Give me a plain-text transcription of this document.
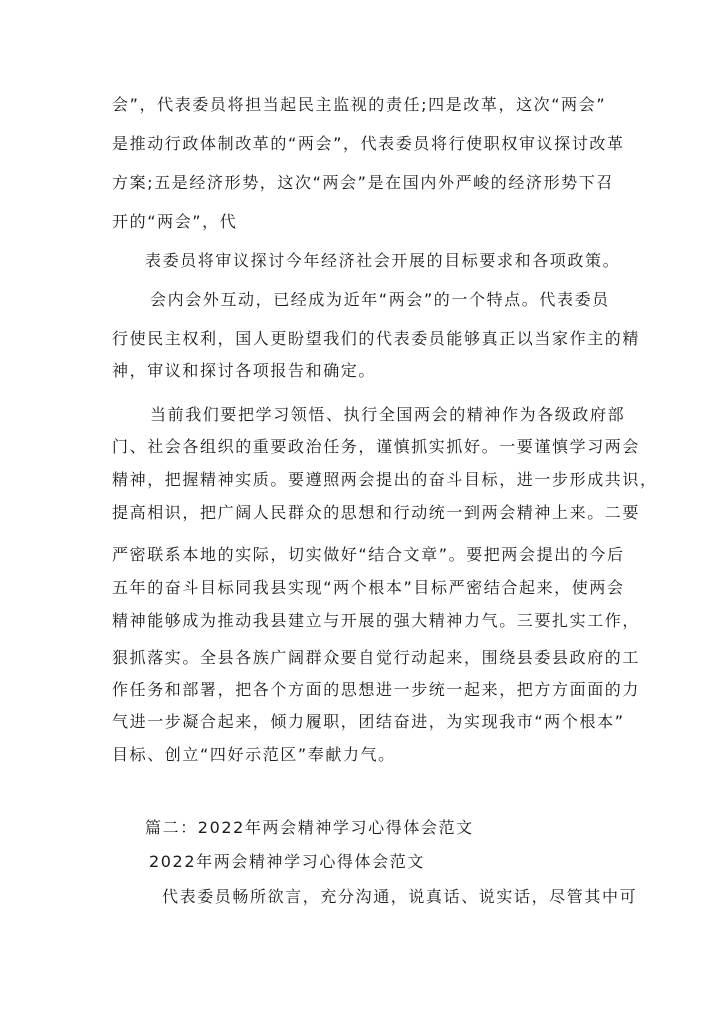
会”，代表委员将担当起民主监视的责任;四是改革，这次“两会”
是推动行政体制改革的“两会”，代表委员将行使职权审议探讨改革
方案;五是经济形势，这次“两会”是在国内外严峻的经济形势下召
开的“两会”，代
表委员将审议探讨今年经济社会开展的目标要求和各项政策。
会内会外互动，已经成为近年“两会”的一个特点。代表委员
行使民主权利，国人更盼望我们的代表委员能够真正以当家作主的精
神，审议和探讨各项报告和确定。
当前我们要把学习领悟、执行全国两会的精神作为各级政府部
门、社会各组织的重要政治任务，谨慎抓实抓好。一要谨慎学习两会
精神，把握精神实质。要遵照两会提出的奋斗目标，进一步形成共识，
提高相识，把广阔人民群众的思想和行动统一到两会精神上来。二要
严密联系本地的实际，切实做好“结合文章”。要把两会提出的今后
五年的奋斗目标同我县实现“两个根本”目标严密结合起来，使两会
精神能够成为推动我县建立与开展的强大精神力气。三要扎实工作，
狠抓落实。全县各族广阔群众要自觉行动起来，围绕县委县政府的工
作任务和部署，把各个方面的思想进一步统一起来，把方方面面的力
气进一步凝合起来，倾力履职，团结奋进，为实现我市“两个根本”
目标、创立“四好示范区”奉献力气。
篇二：2022年两会精神学习心得体会范文
2022年两会精神学习心得体会范文
代表委员畅所欲言，充分沟通，说真话、说实话，尽管其中可
